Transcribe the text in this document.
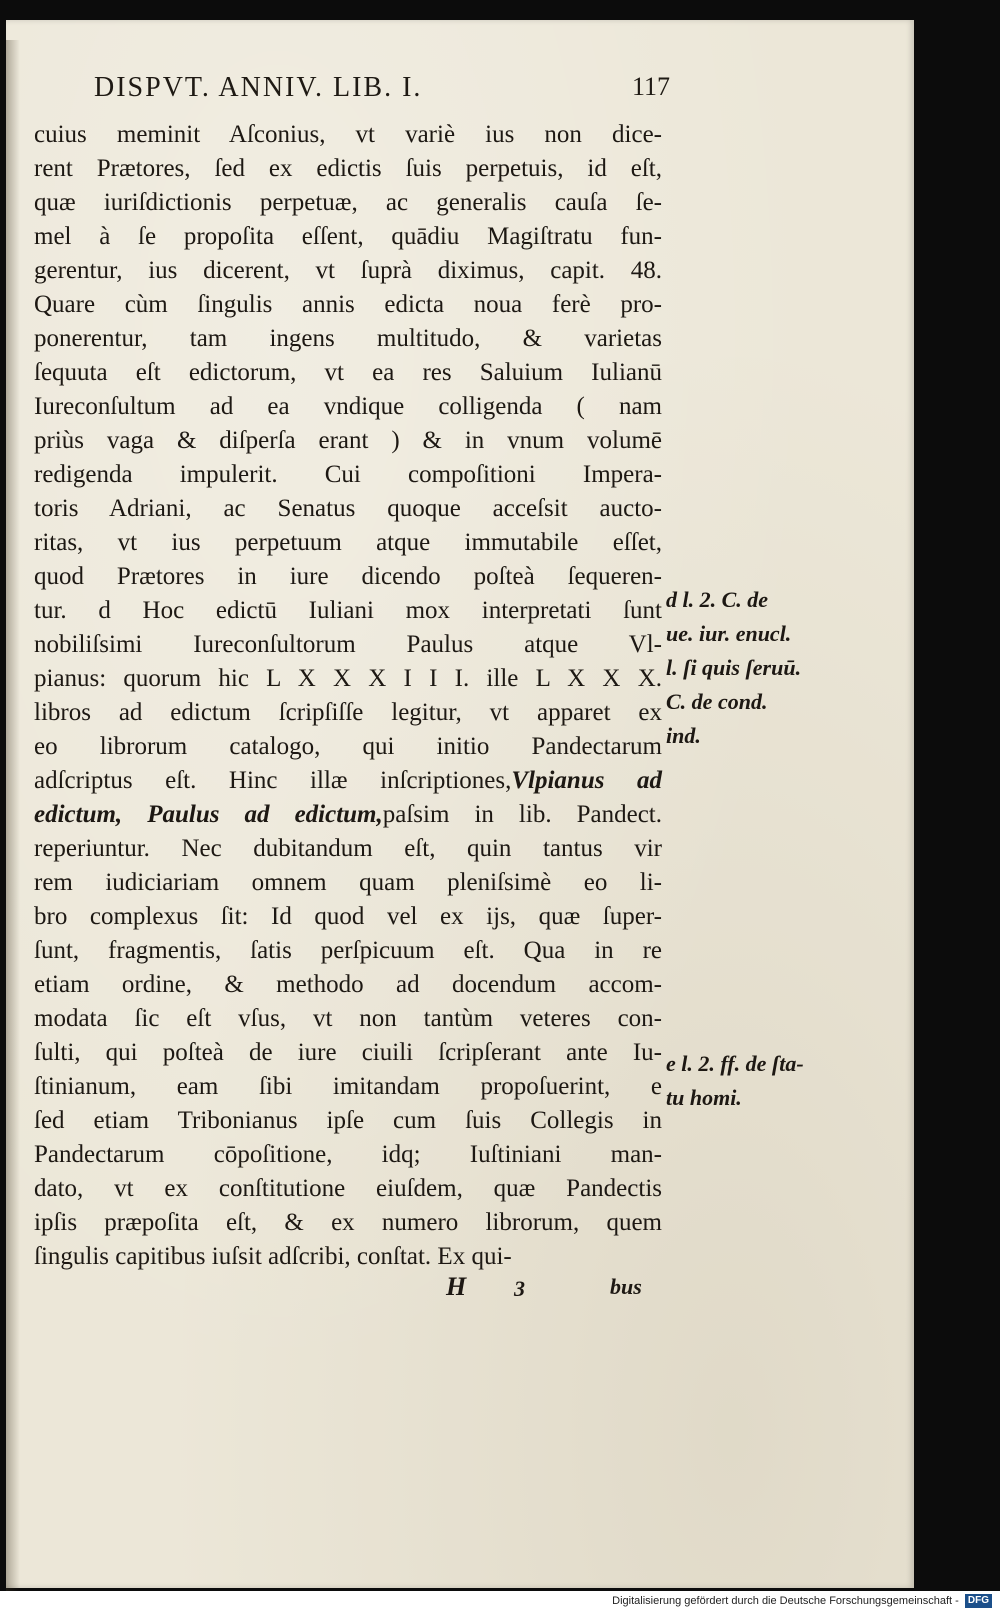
DISPVT. ANNIV. LIB. I.	117
cuius meminit Aſconius, vt variè ius non dice-
rent Prætores, ſed ex edictis ſuis perpetuis, id eſt,
quæ iuriſdictionis perpetuæ, ac generalis cauſa ſe-
mel à ſe propoſita eſſent, quādiu Magiſtratu fun-
gerentur, ius dicerent, vt ſuprà diximus, capit. 48.
Quare cùm ſingulis annis edicta noua ferè pro-
ponerentur, tam ingens multitudo, & varietas
ſequuta eſt edictorum, vt ea res Saluium Iulianū
Iureconſultum ad ea vndique colligenda ( nam
priùs vaga & diſperſa erant ) & in vnum volumē
redigenda impulerit. Cui compoſitioni Impera-
toris Adriani, ac Senatus quoque acceſsit aucto-
ritas, vt ius perpetuum atque immutabile eſſet,
quod Prætores in iure dicendo poſteà ſequeren-
tur. d Hoc edictū Iuliani mox interpretati ſunt
nobiliſsimi Iureconſultorum Paulus atque Vl-
pianus: quorum hic L X X X I I I. ille L X X X.
libros ad edictum ſcripſiſſe legitur, vt apparet ex
eo librorum catalogo, qui initio Pandectarum
adſcriptus eſt. Hinc illæ inſcriptiones,Vlpianus ad
edictum, Paulus ad edictum,paſsim in lib. Pandect.
reperiuntur. Nec dubitandum eſt, quin tantus vir
rem iudiciariam omnem quam pleniſsimè eo li-
bro complexus ſit: Id quod vel ex ijs, quæ ſuper-
ſunt, fragmentis, ſatis perſpicuum eſt. Qua in re
etiam ordine, & methodo ad docendum accom-
modata ſic eſt vſus, vt non tantùm veteres con-
ſulti, qui poſteà de iure ciuili ſcripſerant ante Iu-
ſtinianum, eam ſibi imitandam propoſuerint, e
ſed etiam Tribonianus ipſe cum ſuis Collegis in
Pandectarum cōpoſitione, idq; Iuſtiniani man-
dato, vt ex conſtitutione eiuſdem, quæ Pandectis
ipſis præpoſita eſt, & ex numero librorum, quem
ſingulis capitibus iuſsit adſcribi, conſtat. Ex qui-
d l. 2. C. de
ue. iur. enucl.
l. ſi quis ſeruū.
C. de cond.
ind.
e l. 2. ff. de ſta-
tu homi.
H 3	bus
Digitalisierung gefördert durch die Deutsche Forschungsgemeinschaft - DFG
